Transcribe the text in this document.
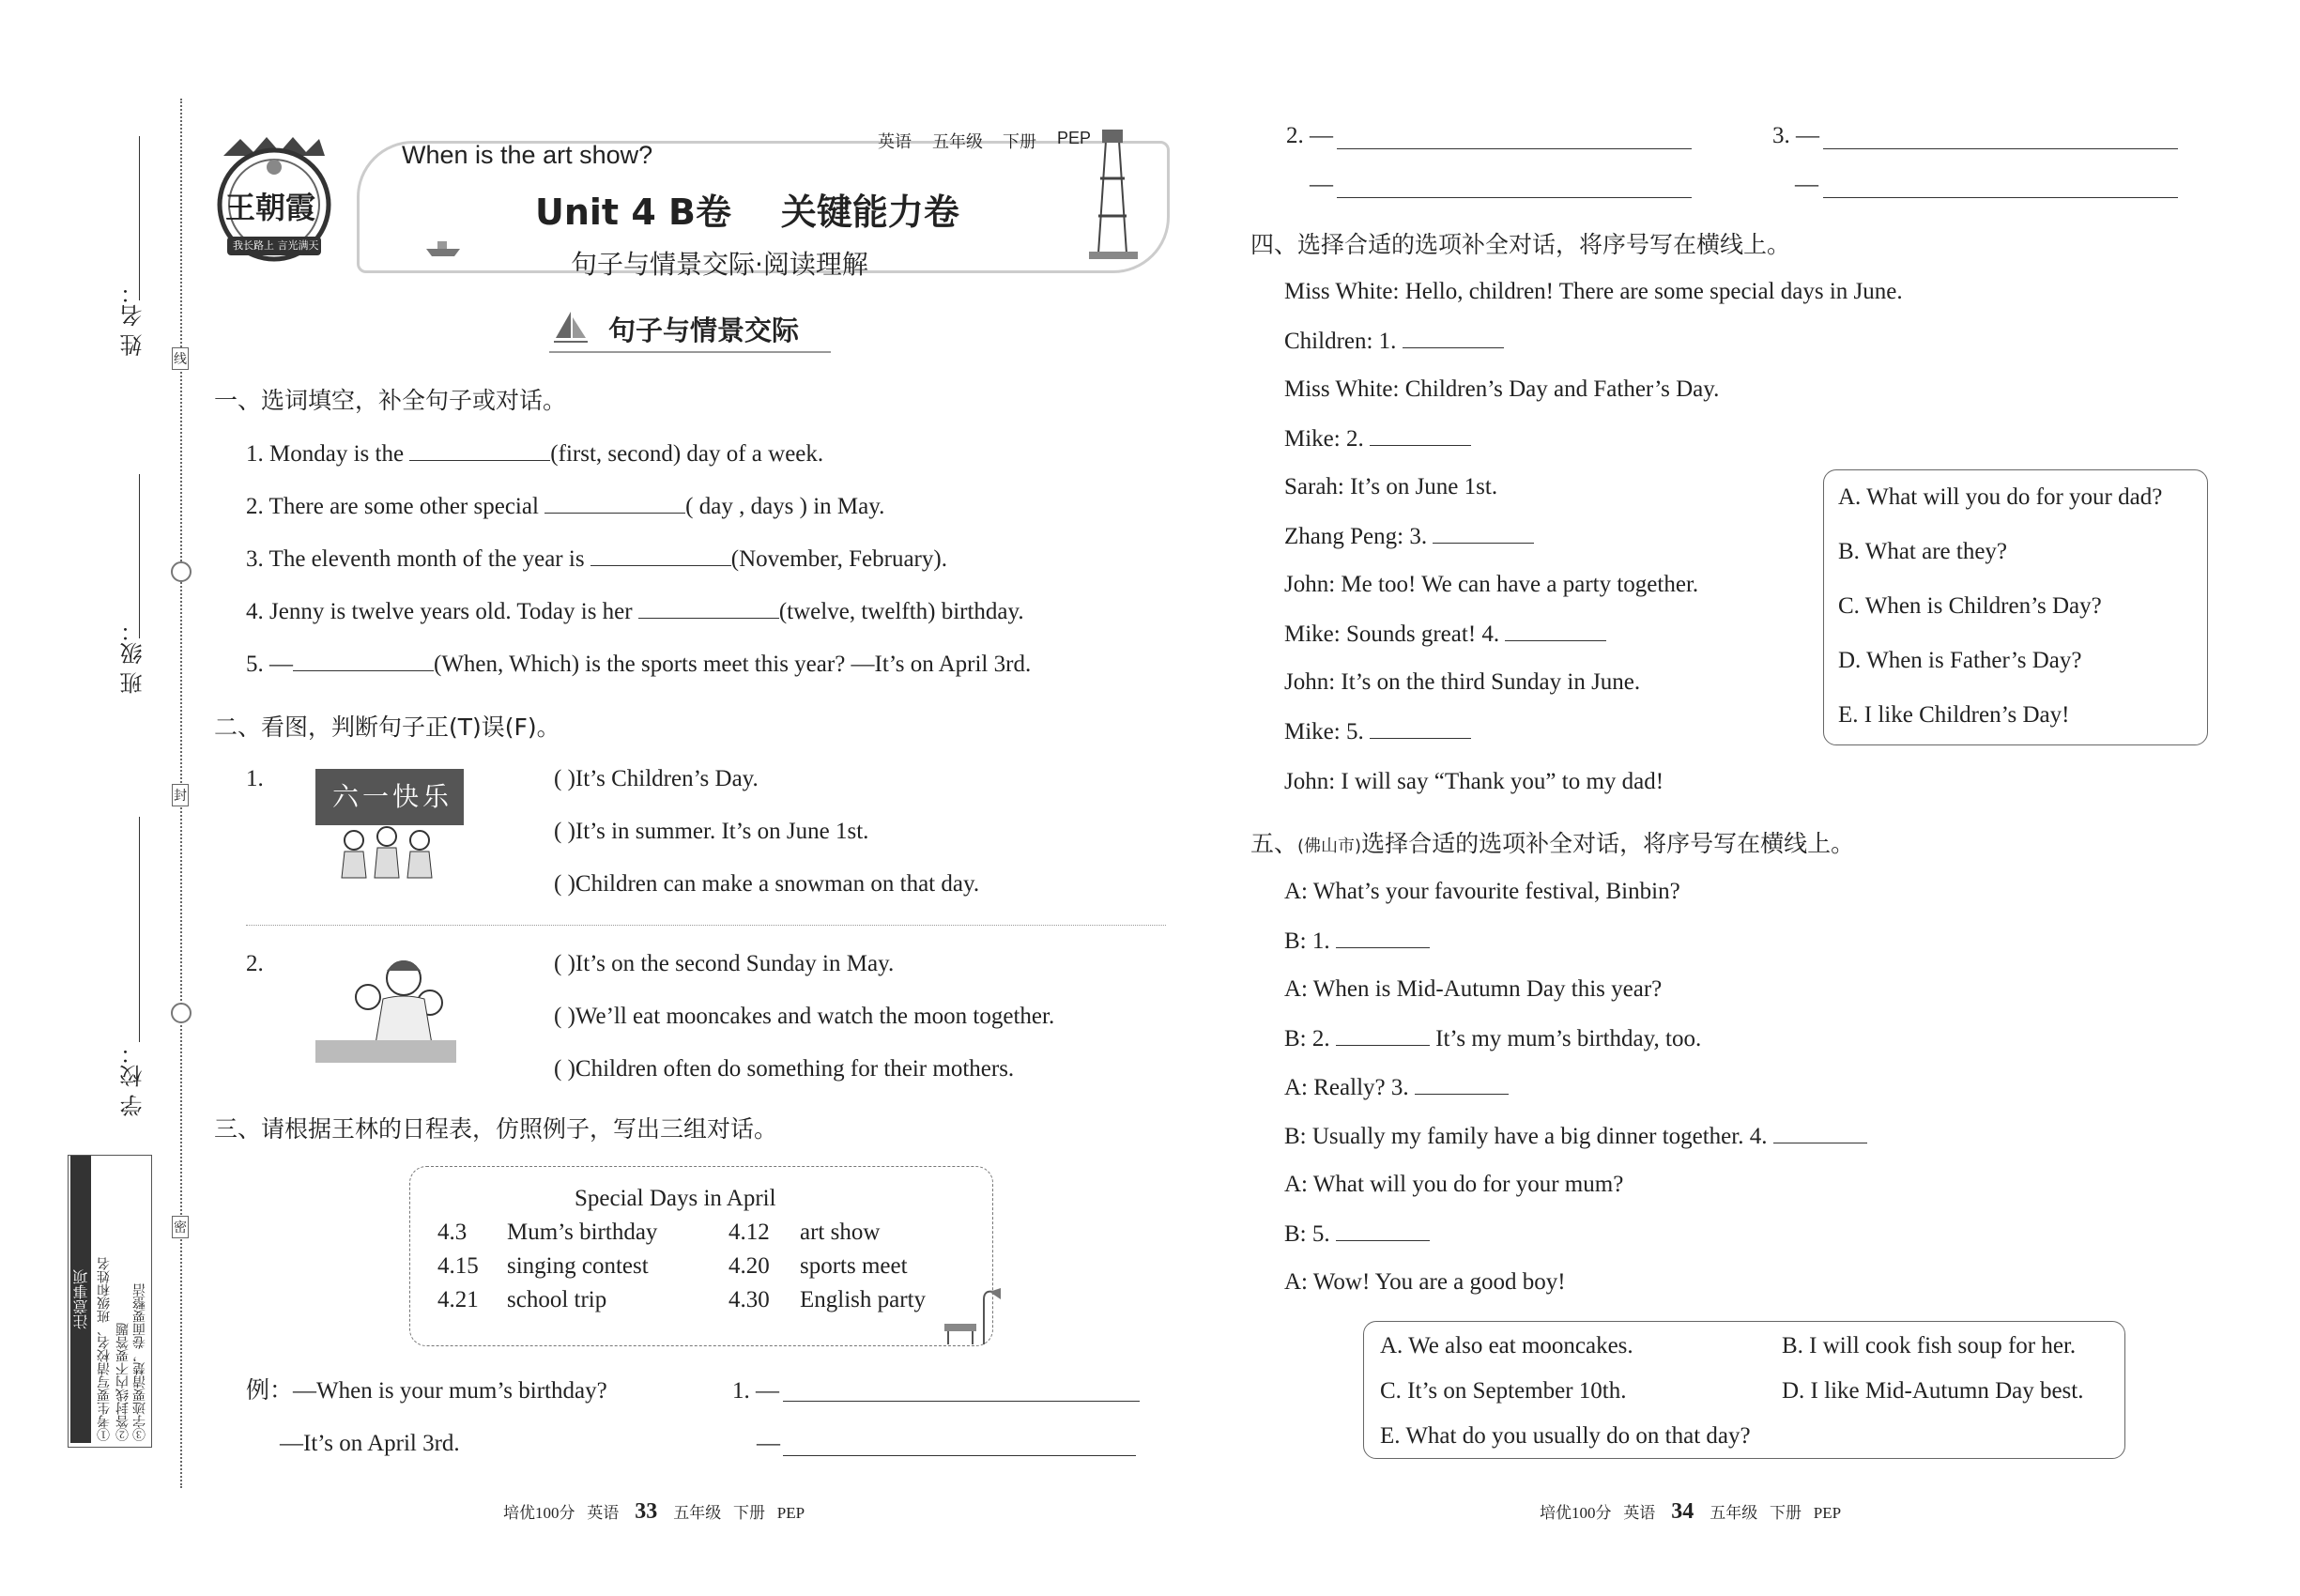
姓 名：
班 级：
学 校：
线
封
密
注意事项 ①考生要写清校名、班级和姓名 ②答封线内不要答题 ③字迹要清楚，卷面要整洁
王朝霞
我长路上 言光满天
When is the art show?	英语 五年级 下册 PEP
Unit 4 B卷    关键能力卷
句子与情景交际·阅读理解
句子与情景交际
一、选词填空，补全句子或对话。
1. Monday is the	(first, second) day of a week.
2. There are some other special	( day , days ) in May.
3. The eleventh month of the year is	(November, February).
4. Jenny is twelve years old. Today is her	(twelve, twelfth) birthday.
5. —	(When, Which) is the sports meet this year? —It’s on April 3rd.
二、看图，判断句子正(T)误(F)。
1.
六一快乐
( )It’s Children’s Day.
( )It’s in summer. It’s on June 1st.
( )Children can make a snowman on that day.
2.	( )It’s on the second Sunday in May.
( )We’ll eat mooncakes and watch the moon together.
( )Children often do something for their mothers.
三、请根据王林的日程表，仿照例子，写出三组对话。
Special Days in April
4.3 Mum’s birthday	4.12 art show
4.15 singing contest	4.20 sports meet
4.21 school trip	4.30 English party
例：—When is your mum’s birthday?
—It’s on April 3rd.
1. —
—
2. —
—
3. —
—
四、选择合适的选项补全对话，将序号写在横线上。
Miss White: Hello, children! There are some special days in June.
Children: 1.
Miss White: Children’s Day and Father’s Day.
Mike: 2.
Sarah: It’s on June 1st.
Zhang Peng: 3.
John: Me too! We can have a party together.
Mike: Sounds great! 4.
John: It’s on the third Sunday in June.
Mike: 5.
John: I will say “Thank you” to my dad!
A. What will you do for your dad?
B. What are they?
C. When is Children’s Day?
D. When is Father’s Day?
E. I like Children’s Day!
五、(佛山市)选择合适的选项补全对话，将序号写在横线上。
A: What’s your favourite festival, Binbin?
B: 1.
A: When is Mid-Autumn Day this year?
B: 2.	It’s my mum’s birthday, too.
A: Really? 3.
B: Usually my family have a big dinner together. 4.
A: What will you do for your mum?
B: 5.
A: Wow! You are a good boy!
A. We also eat mooncakes.	B. I will cook fish soup for her.
C. It’s on September 10th.	D. I like Mid-Autumn Day best.
E. What do you usually do on that day?
培优100分 英语 33 五年级 下册 PEP	培优100分 英语 34 五年级 下册 PEP
